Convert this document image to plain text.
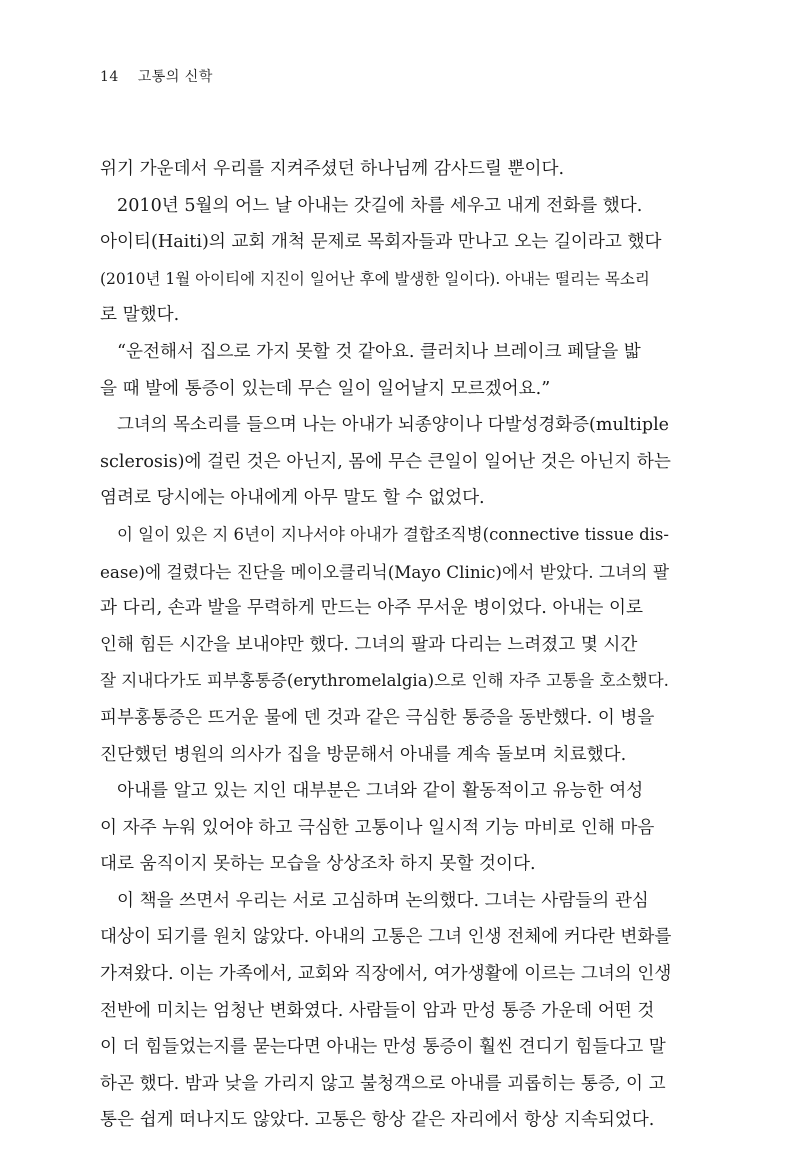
14 고통의 신학
위기 가운데서 우리를 지켜주셨던 하나님께 감사드릴 뿐이다.
2010년 5월의 어느 날 아내는 갓길에 차를 세우고 내게 전화를 했다.
아이티(Haiti)의 교회 개척 문제로 목회자들과 만나고 오는 길이라고 했다
(2010년 1월 아이티에 지진이 일어난 후에 발생한 일이다). 아내는 떨리는 목소리
로 말했다.
“운전해서 집으로 가지 못할 것 같아요. 클러치나 브레이크 페달을 밟
을 때 발에 통증이 있는데 무슨 일이 일어날지 모르겠어요.”
그녀의 목소리를 들으며 나는 아내가 뇌종양이나 다발성경화증(multiple
sclerosis)에 걸린 것은 아닌지, 몸에 무슨 큰일이 일어난 것은 아닌지 하는
염려로 당시에는 아내에게 아무 말도 할 수 없었다.
이 일이 있은 지 6년이 지나서야 아내가 결합조직병(connective tissue dis-
ease)에 걸렸다는 진단을 메이오클리닉(Mayo Clinic)에서 받았다. 그녀의 팔
과 다리, 손과 발을 무력하게 만드는 아주 무서운 병이었다. 아내는 이로
인해 힘든 시간을 보내야만 했다. 그녀의 팔과 다리는 느려졌고 몇 시간
잘 지내다가도 피부홍통증(erythromelalgia)으로 인해 자주 고통을 호소했다.
피부홍통증은 뜨거운 물에 덴 것과 같은 극심한 통증을 동반했다. 이 병을
진단했던 병원의 의사가 집을 방문해서 아내를 계속 돌보며 치료했다.
아내를 알고 있는 지인 대부분은 그녀와 같이 활동적이고 유능한 여성
이 자주 누워 있어야 하고 극심한 고통이나 일시적 기능 마비로 인해 마음
대로 움직이지 못하는 모습을 상상조차 하지 못할 것이다.
이 책을 쓰면서 우리는 서로 고심하며 논의했다. 그녀는 사람들의 관심
대상이 되기를 원치 않았다. 아내의 고통은 그녀 인생 전체에 커다란 변화를
가져왔다. 이는 가족에서, 교회와 직장에서, 여가생활에 이르는 그녀의 인생
전반에 미치는 엄청난 변화였다. 사람들이 암과 만성 통증 가운데 어떤 것
이 더 힘들었는지를 묻는다면 아내는 만성 통증이 훨씬 견디기 힘들다고 말
하곤 했다. 밤과 낮을 가리지 않고 불청객으로 아내를 괴롭히는 통증, 이 고
통은 쉽게 떠나지도 않았다. 고통은 항상 같은 자리에서 항상 지속되었다.
